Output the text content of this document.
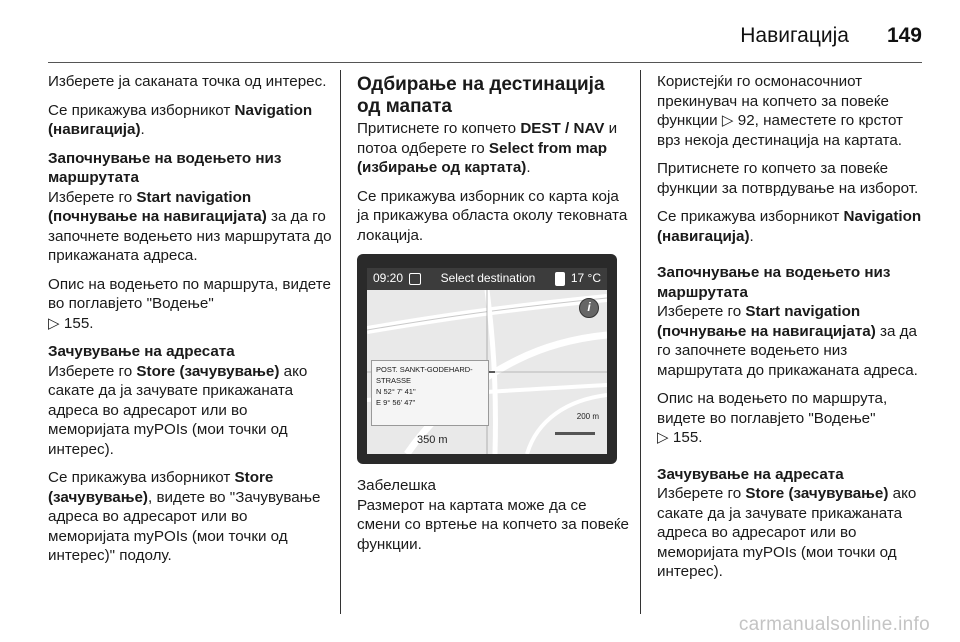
Навигација 149

Изберете ја саканата точка од интерес.

Се прикажува изборникот Navigation (навигација).

Започнување на водењето низ маршрутата

Изберете го Start navigation (почнување на навигацијата) за да го започнете водењето низ маршрутата до прикажаната адреса.

Опис на водењето по маршрута, видете во поглавјето "Водење"
▷ 155.

Зачувување на адресата

Изберете го Store (зачувување) ако сакате да ја зачувате прикажаната адреса во адресарот или во меморијата myPOIs (мои точки од интерес).

Се прикажува изборникот Store (зачувување), видете во "Зачувување адреса во адресарот или во меморијата myPOIs (мои точки од интерес)" подолу.

Одбирање на дестинација од мапата

Притиснете го копчето DEST / NAV и потоа одберете го Select from map (избирање од картата).

Се прикажува изборник со карта која ја прикажува областа околу тековната локација.

09:20	Select destination	17 °C
i
POST. SANKT-GODEHARD-STRASSE
N 52° 7' 41"
E 9° 56' 47"
350 m
200 m

Забелешка

Размерот на картата може да се смени со вртење на копчето за повеќе функции.

Користејќи го осмонасочниот прекинувач на копчето за повеќе функции ▷ 92, наместете го крстот врз некоја дестинација на картата.

Притиснете го копчето за повеќе функции за потврдување на изборот.

Се прикажува изборникот Navigation (навигација).

Започнување на водењето низ маршрутата

Изберете го Start navigation (почнување на навигацијата) за да го започнете водењето низ маршрутата до прикажаната адреса.

Опис на водењето по маршрута, видете во поглавјето "Водење"
▷ 155.

Зачувување на адресата

Изберете го Store (зачувување) ако сакате да ја зачувате прикажаната адреса во адресарот или во меморијата myPOIs (мои точки од интерес).

carmanualsonline.info
